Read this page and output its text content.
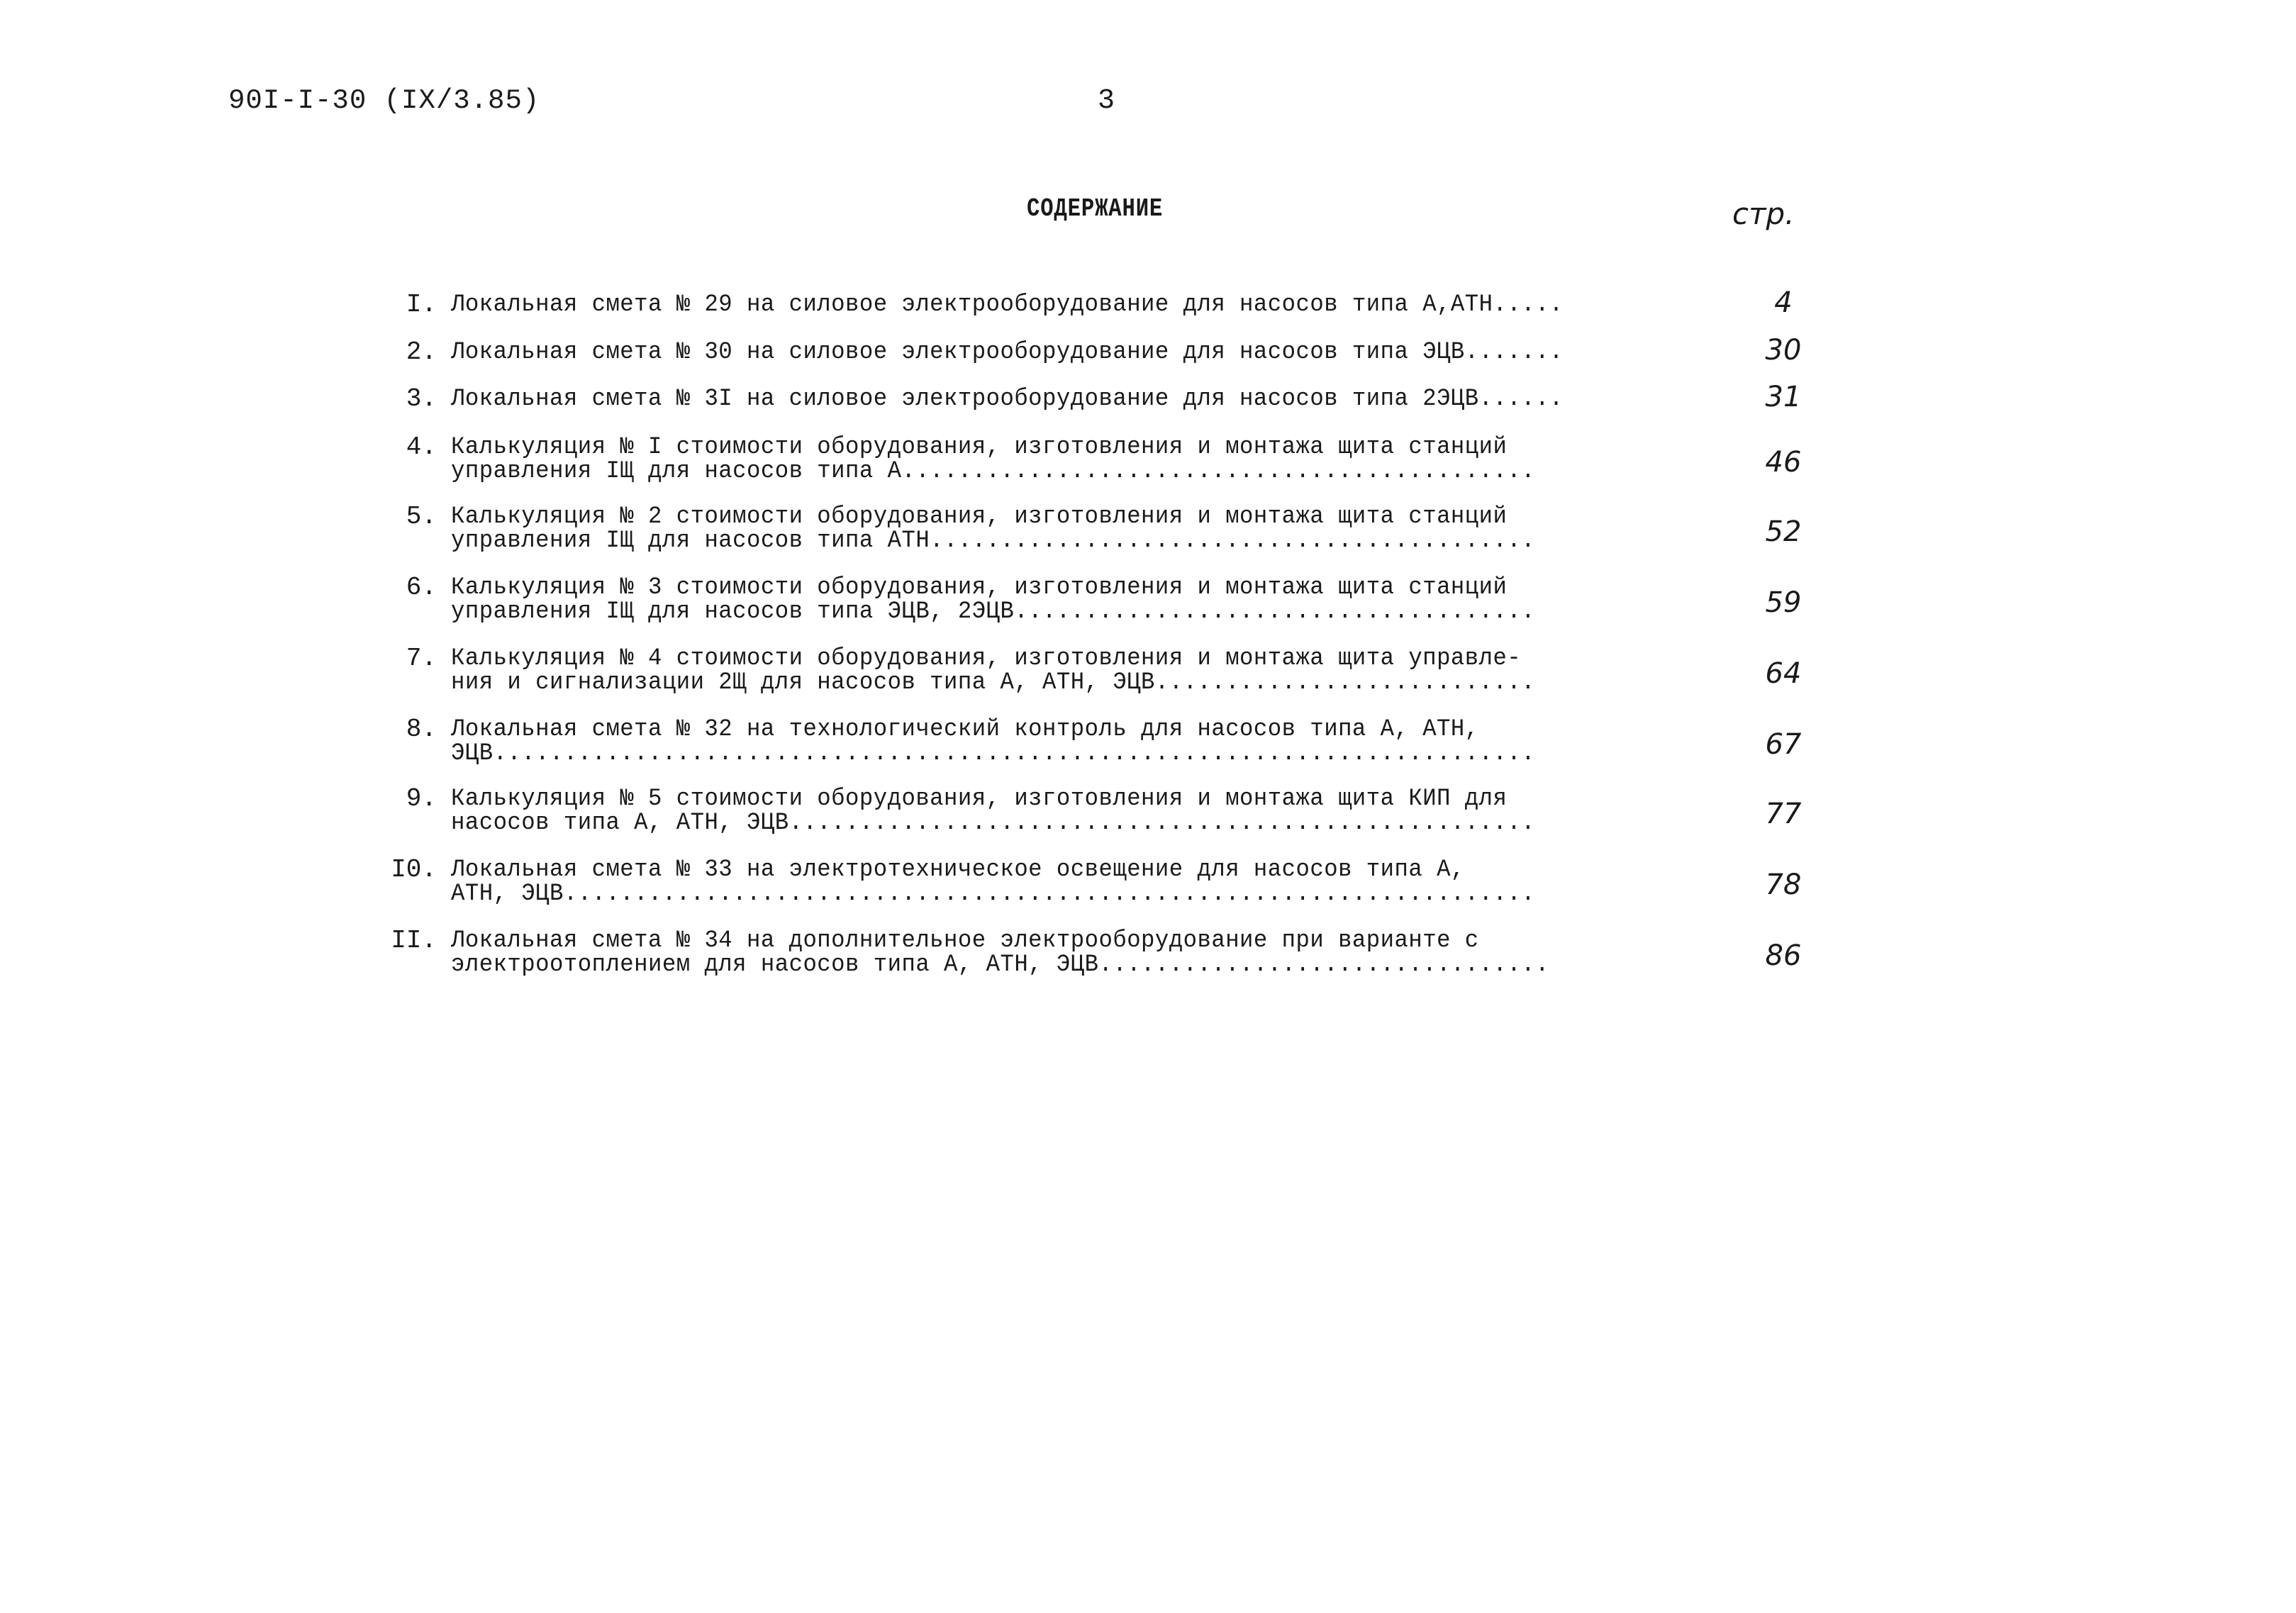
90I-I-30 (IX/3.85)	3
СОДЕРЖАНИЕ	стр.
I. Локальная смета № 29 на силовое электрооборудование для насосов типа А,АТН.....	4
2. Локальная смета № 30 на силовое электрооборудование для насосов типа ЭЦВ.......	30
3. Локальная смета № 3I на силовое электрооборудование для насосов типа 2ЭЦВ......	31
4. Калькуляция № I стоимости оборудования, изготовления и монтажа щита станций
управления IЩ для насосов типа А.............................................	46
5. Калькуляция № 2 стоимости оборудования, изготовления и монтажа щита станций
управления IЩ для насосов типа АТН...........................................	52
6. Калькуляция № 3 стоимости оборудования, изготовления и монтажа щита станций
управления IЩ для насосов типа ЭЦВ, 2ЭЦВ.....................................	59
7. Калькуляция № 4 стоимости оборудования, изготовления и монтажа щита управле-
ния и сигнализации 2Щ для насосов типа А, АТН, ЭЦВ...........................	64
8. Локальная смета № 32 на технологический контроль для насосов типа А, АТН,
ЭЦВ..........................................................................	67
9. Калькуляция № 5 стоимости оборудования, изготовления и монтажа щита КИП для
насосов типа А, АТН, ЭЦВ.....................................................	77
I0. Локальная смета № 33 на электротехническое освещение для насосов типа А,
АТН, ЭЦВ.....................................................................	78
II. Локальная смета № 34 на дополнительное электрооборудование при варианте с
электроотоплением для насосов типа А, АТН, ЭЦВ................................	86
